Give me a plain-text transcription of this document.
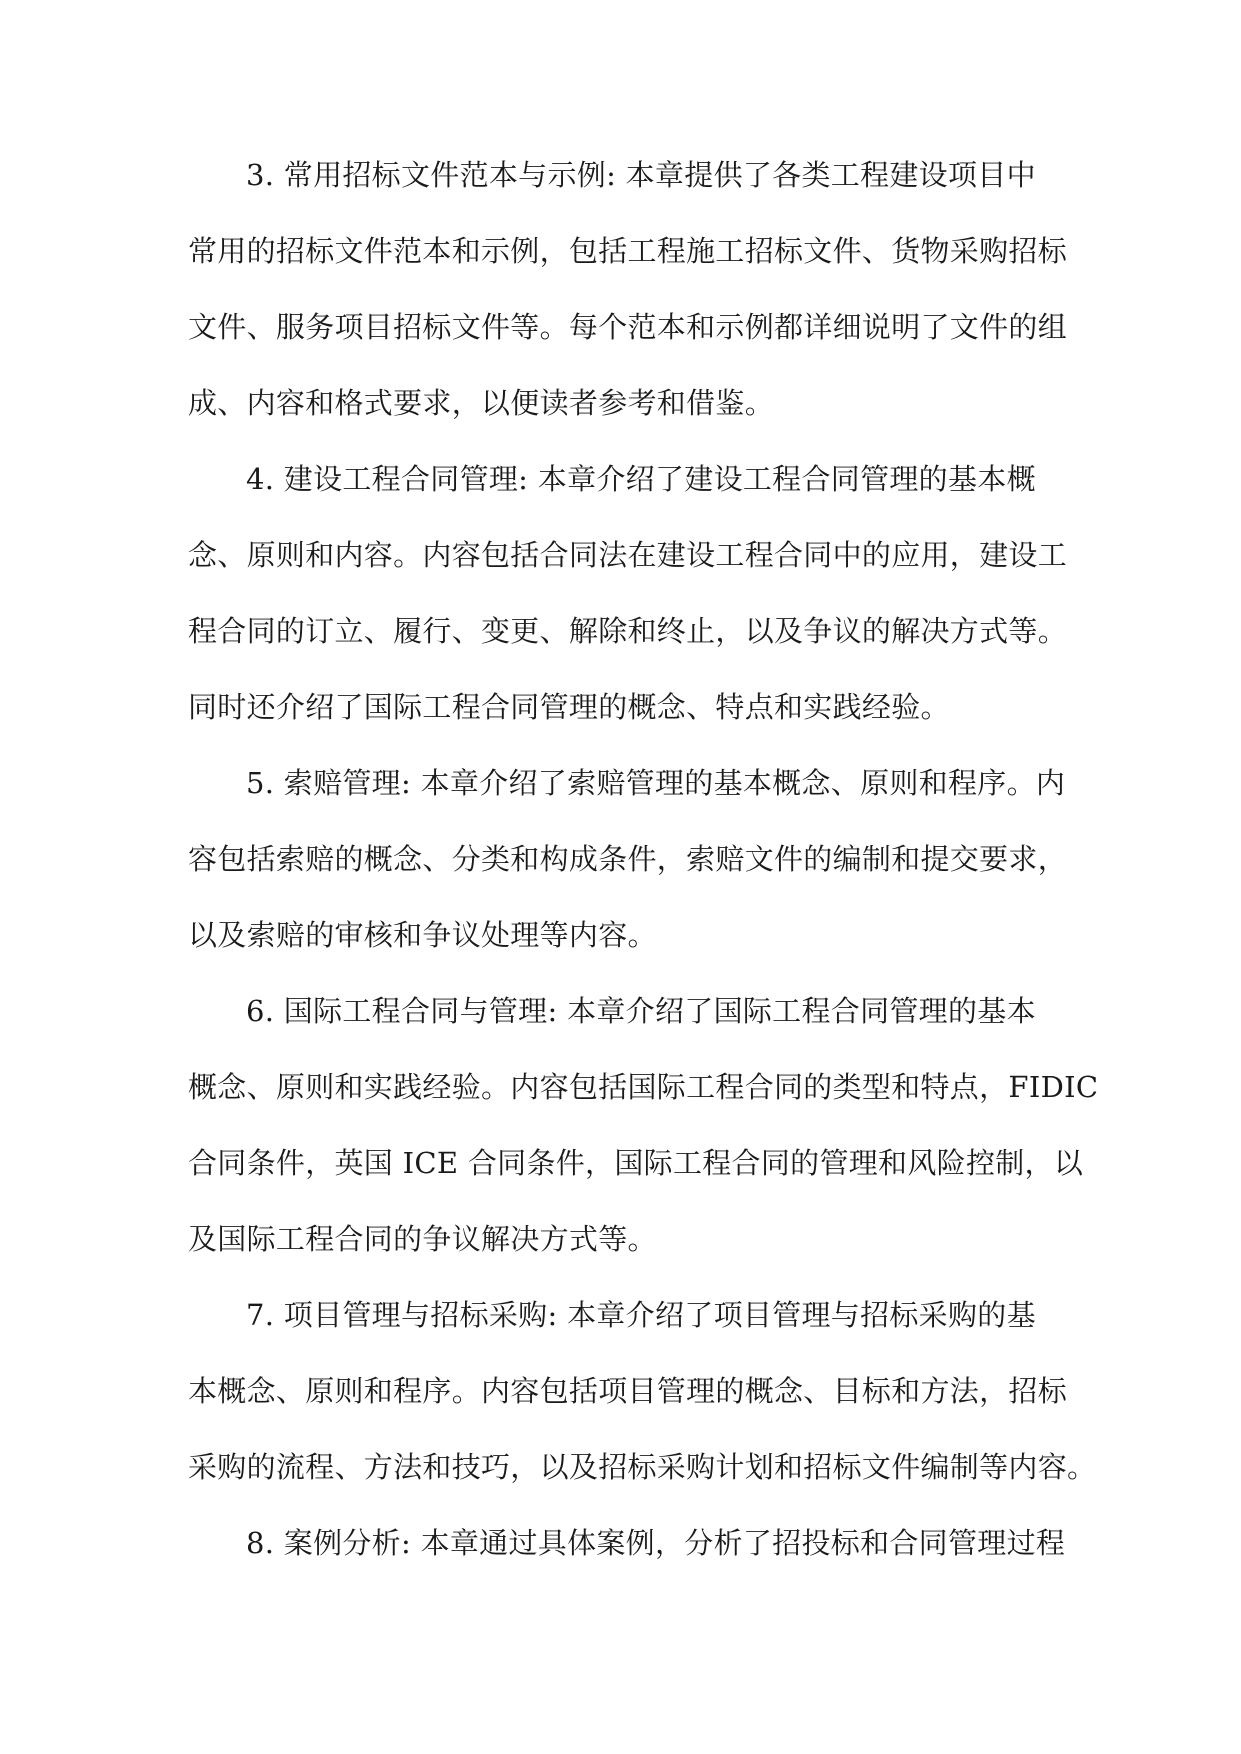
3. 常用招标文件范本与示例: 本章提供了各类工程建设项目中
常用的招标文件范本和示例，包括工程施工招标文件、货物采购招标
文件、服务项目招标文件等。每个范本和示例都详细说明了文件的组
成、内容和格式要求，以便读者参考和借鉴。
4. 建设工程合同管理: 本章介绍了建设工程合同管理的基本概
念、原则和内容。内容包括合同法在建设工程合同中的应用，建设工
程合同的订立、履行、变更、解除和终止，以及争议的解决方式等。
同时还介绍了国际工程合同管理的概念、特点和实践经验。
5. 索赔管理: 本章介绍了索赔管理的基本概念、原则和程序。内
容包括索赔的概念、分类和构成条件，索赔文件的编制和提交要求，
以及索赔的审核和争议处理等内容。
6. 国际工程合同与管理: 本章介绍了国际工程合同管理的基本
概念、原则和实践经验。内容包括国际工程合同的类型和特点，FIDIC
合同条件，英国 ICE 合同条件，国际工程合同的管理和风险控制，以
及国际工程合同的争议解决方式等。
7. 项目管理与招标采购: 本章介绍了项目管理与招标采购的基
本概念、原则和程序。内容包括项目管理的概念、目标和方法，招标
采购的流程、方法和技巧，以及招标采购计划和招标文件编制等内容。
8. 案例分析: 本章通过具体案例，分析了招投标和合同管理过程
